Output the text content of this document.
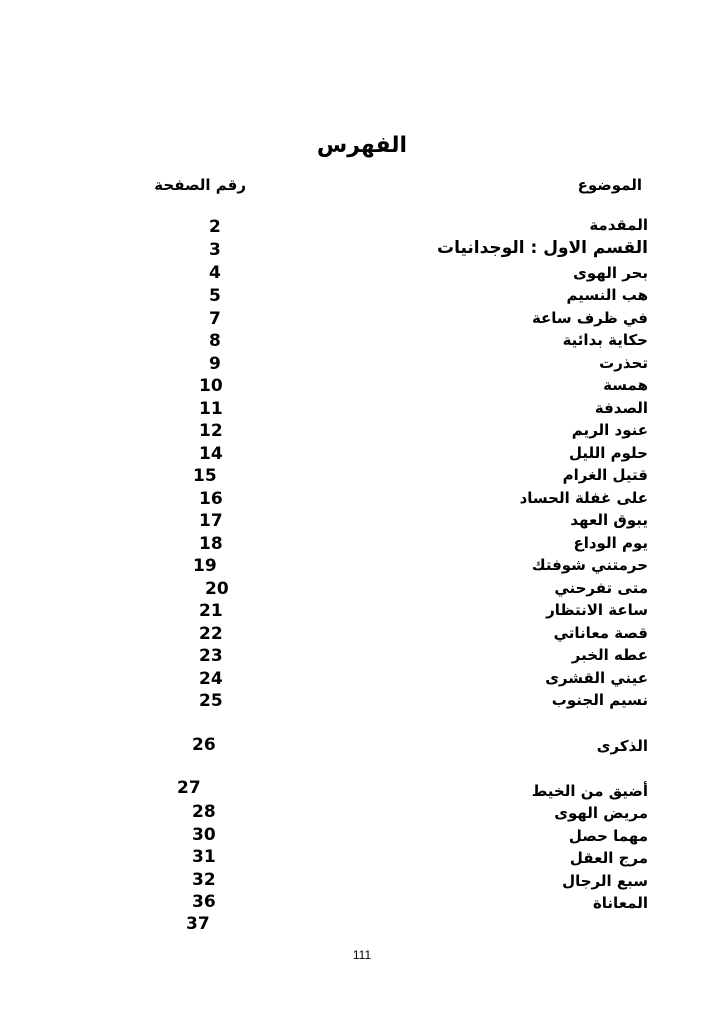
الفهرس
الموضوع
رقم الصفحة
المقدمة
القسم الاول : الوجدانيات
بحر الهوى
هب النسيم
في ظرف ساعة
حكاية بدائية
تحذرت
همسة
الصدفة
عنود الريم
حلوم الليل
قتيل الغرام
على غفلة الحساد
يبوق العهد
يوم الوداع
حرمتني شوفتك
متى تفرحني
ساعة الانتظار
قصة معاناتي
عطه الخبر
عيني القشرى
نسيم الجنوب
الذكرى
أضيق من الخيط
مريض الهوى
مهما حصل
مرج العقل
سبع الرجال
المعاناة
2
3
4
5
7
8
9
10
11
12
14
15
16
17
18
19
20
21
22
23
24
25
26
27
28
30
31
32
36
37
111
